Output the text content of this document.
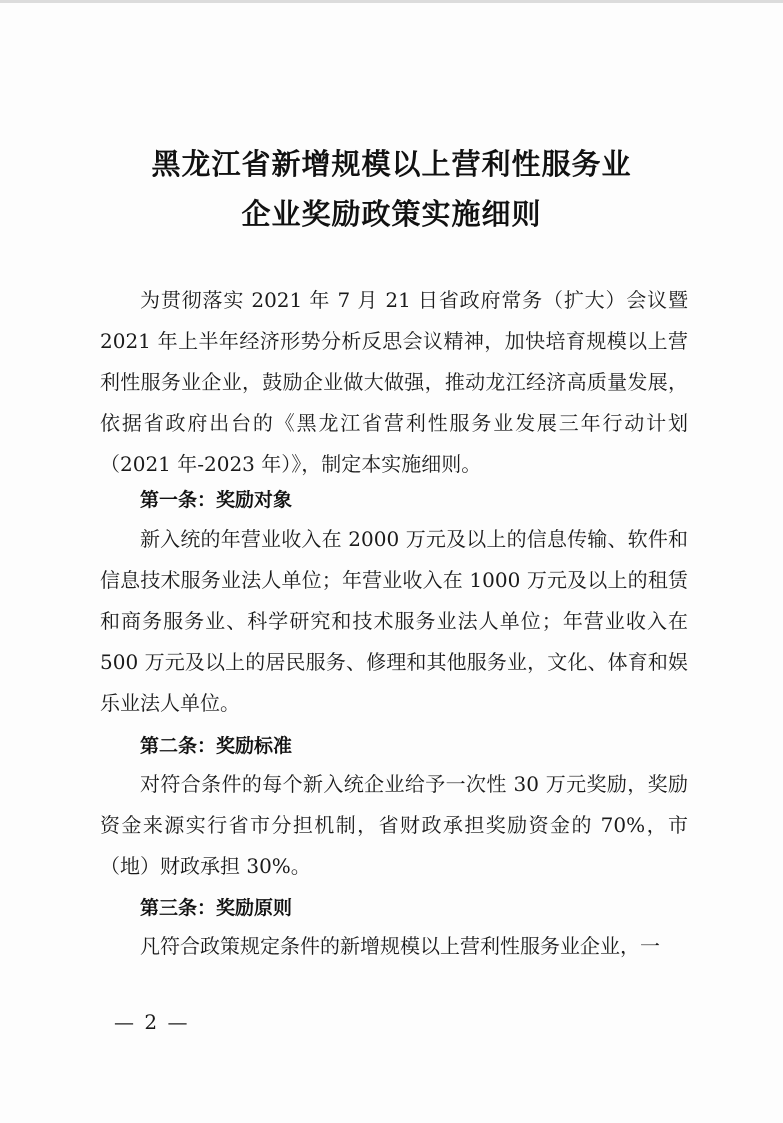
黑龙江省新增规模以上营利性服务业
企业奖励政策实施细则
为贯彻落实 2021 年 7 月 21 日省政府常务（扩大）会议暨 2021 年上半年经济形势分析反思会议精神，加快培育规模以上营利性服务业企业，鼓励企业做大做强，推动龙江经济高质量发展，依据省政府出台的《黑龙江省营利性服务业发展三年行动计划（2021 年-2023 年）》，制定本实施细则。
第一条：奖励对象
新入统的年营业收入在 2000 万元及以上的信息传输、软件和信息技术服务业法人单位；年营业收入在 1000 万元及以上的租赁和商务服务业、科学研究和技术服务业法人单位；年营业收入在 500 万元及以上的居民服务、修理和其他服务业，文化、体育和娱乐业法人单位。
第二条：奖励标准
对符合条件的每个新入统企业给予一次性 30 万元奖励，奖励资金来源实行省市分担机制，省财政承担奖励资金的 70%，市（地）财政承担 30%。
第三条：奖励原则
凡符合政策规定条件的新增规模以上营利性服务业企业，一
— 2 —
